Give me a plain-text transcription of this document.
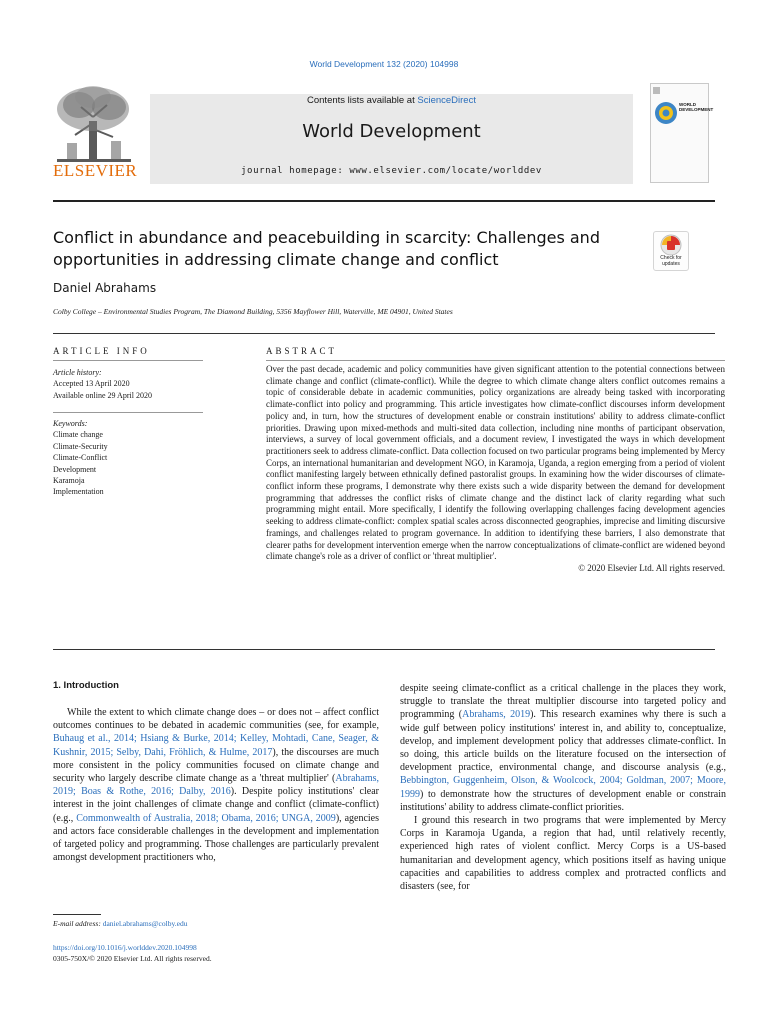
World Development 132 (2020) 104998
ELSEVIER
Contents lists available at ScienceDirect
World Development
journal homepage: www.elsevier.com/locate/worlddev
WORLD DEVELOPMENT
Conflict in abundance and peacebuilding in scarcity: Challenges and opportunities in addressing climate change and conflict	Check for updates
Daniel Abrahams
Colby College – Environmental Studies Program, The Diamond Building, 5356 Mayflower Hill, Waterville, ME 04901, United States
ARTICLE INFO
Article history:
Accepted 13 April 2020
Available online 29 April 2020
Keywords:
Climate change
Climate-Security
Climate-Conflict
Development
Karamoja
Implementation
ABSTRACT
Over the past decade, academic and policy communities have given significant attention to the potential connections between climate change and conflict (climate-conflict). While the degree to which climate change alters conflict outcomes remains a topic of considerable debate in academic communities, policy organizations are already being tasked with incorporating climate-conflict into policy and programming. This article investigates how climate-conflict discourses inform development policy and, in turn, how the structures of development enable or constrain institutions' ability to address climate-conflict priorities. Drawing upon mixed-methods and multi-sited data collection, including nine months of participant observation, interviews, a survey of local government officials, and a document review, I investigated the ways in which development practitioners seek to address climate-conflict. Data collection focused on two particular programs being implemented by Mercy Corps, an international humanitarian and development NGO, in Karamoja, Uganda, a region emerging from a period of violent conflict manifesting largely between ethnically defined pastoralist groups. In examining how the wider discourses of climate-conflict inform these programs, I demonstrate why there exists such a wide disparity between the demand for development programming that addresses the conflict risks of climate change and the distinct lack of clarity regarding what such programming might entail. More specifically, I identify the following overlapping challenges facing development agencies seeking to address climate-conflict: complex spatial scales across disconnected geographies, imprecise and limiting discursive framings, and challenges related to program governance. In addition to identifying these barriers, I also demonstrate that clearer paths for development intervention emerge when the narrow conceptualizations of climate-conflict are widened beyond climate change's role as a driver of conflict or 'threat multiplier'.
© 2020 Elsevier Ltd. All rights reserved.
1. Introduction
While the extent to which climate change does – or does not – affect conflict outcomes continues to be debated in academic communities (see, for example, Buhaug et al., 2014; Hsiang & Burke, 2014; Kelley, Mohtadi, Cane, Seager, & Kushnir, 2015; Selby, Dahi, Fröhlich, & Hulme, 2017), the discourses are much more consistent in the policy communities focused on climate change and security who largely describe climate change as a 'threat multiplier' (Abrahams, 2019; Boas & Rothe, 2016; Dalby, 2016). Despite policy institutions' clear interest in the joint challenges of climate change and conflict (climate-conflict) (e.g., Commonwealth of Australia, 2018; Obama, 2016; UNGA, 2009), agencies and actors face considerable challenges in the development and implementation of targeted policy and programming. Those challenges are particularly prevalent amongst development practitioners who,

despite seeing climate-conflict as a critical challenge in the places they work, struggle to translate the threat multiplier discourse into targeted policy and programming (Abrahams, 2019). This research examines why there is such a wide gulf between policy institutions' interest in, and ability to, conceptualize, develop, and implement development policy that addresses climate-conflict. In so doing, this article builds on the literature focused on the intersection of development practice, environmental change, and discourse analysis (e.g., Bebbington, Guggenheim, Olson, & Woolcock, 2004; Goldman, 2007; Moore, 1999) to demonstrate how the structures of development enable or constrain institutions' ability to address climate-conflict priorities.

I ground this research in two programs that were implemented by Mercy Corps in Karamoja Uganda, a region that had, until relatively recently, experienced high rates of violent conflict. Mercy Corps is a US-based humanitarian and development agency, which positions itself as having unique capacities and capabilities to address complex and protracted conflicts and disasters (see, for

E-mail address: daniel.abrahams@colby.edu
https://doi.org/10.1016/j.worlddev.2020.104998
0305-750X/© 2020 Elsevier Ltd. All rights reserved.
